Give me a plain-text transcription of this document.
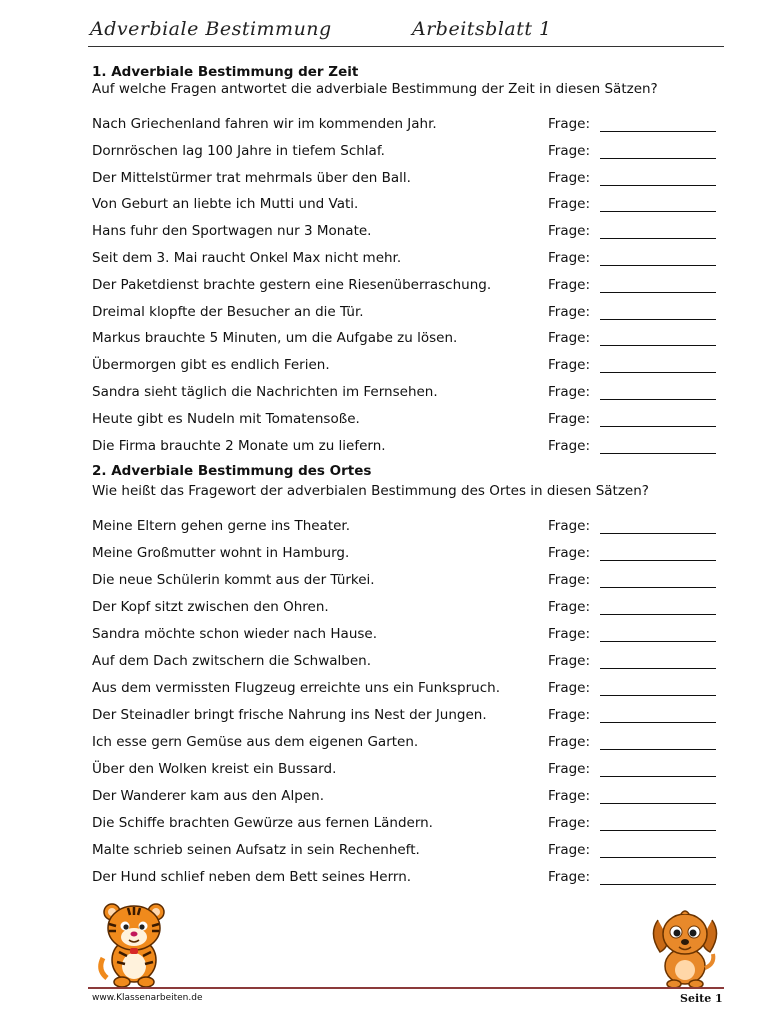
Adverbiale Bestimmung	Arbeitsblatt 1
1. Adverbiale Bestimmung der Zeit
Auf welche Fragen antwortet die adverbiale Bestimmung der Zeit in diesen Sätzen?
Nach Griechenland fahren wir im kommenden Jahr.	Frage:
Dornröschen lag 100 Jahre in tiefem Schlaf.	Frage:
Der Mittelstürmer trat mehrmals über den Ball.	Frage:
Von Geburt an liebte ich Mutti und Vati.	Frage:
Hans fuhr den Sportwagen nur 3 Monate.	Frage:
Seit dem 3. Mai raucht Onkel Max nicht mehr.	Frage:
Der Paketdienst brachte gestern eine Riesenüberraschung.	Frage:
Dreimal klopfte der Besucher an die Tür.	Frage:
Markus brauchte 5 Minuten, um die Aufgabe zu lösen.	Frage:
Übermorgen gibt es endlich Ferien.	Frage:
Sandra sieht täglich die Nachrichten im Fernsehen.	Frage:
Heute gibt es Nudeln mit Tomatensoße.	Frage:
Die Firma brauchte 2 Monate um zu liefern.	Frage:
2. Adverbiale Bestimmung des Ortes
Wie heißt das Fragewort der adverbialen Bestimmung des Ortes in diesen Sätzen?
Meine Eltern gehen gerne ins Theater.	Frage:
Meine Großmutter wohnt in Hamburg.	Frage:
Die neue Schülerin kommt aus der Türkei.	Frage:
Der Kopf sitzt zwischen den Ohren.	Frage:
Sandra möchte schon wieder nach Hause.	Frage:
Auf dem Dach zwitschern die Schwalben.	Frage:
Aus dem vermissten Flugzeug erreichte uns ein Funkspruch.	Frage:
Der Steinadler bringt frische Nahrung ins Nest der Jungen.	Frage:
Ich esse gern Gemüse aus dem eigenen Garten.	Frage:
Über den Wolken kreist ein Bussard.	Frage:
Der Wanderer kam aus den Alpen.	Frage:
Die Schiffe brachten Gewürze aus fernen Ländern.	Frage:
Malte schrieb seinen Aufsatz in sein Rechenheft.	Frage:
Der Hund schlief neben dem Bett seines Herrn.	Frage:
www.Klassenarbeiten.de	Seite 1
